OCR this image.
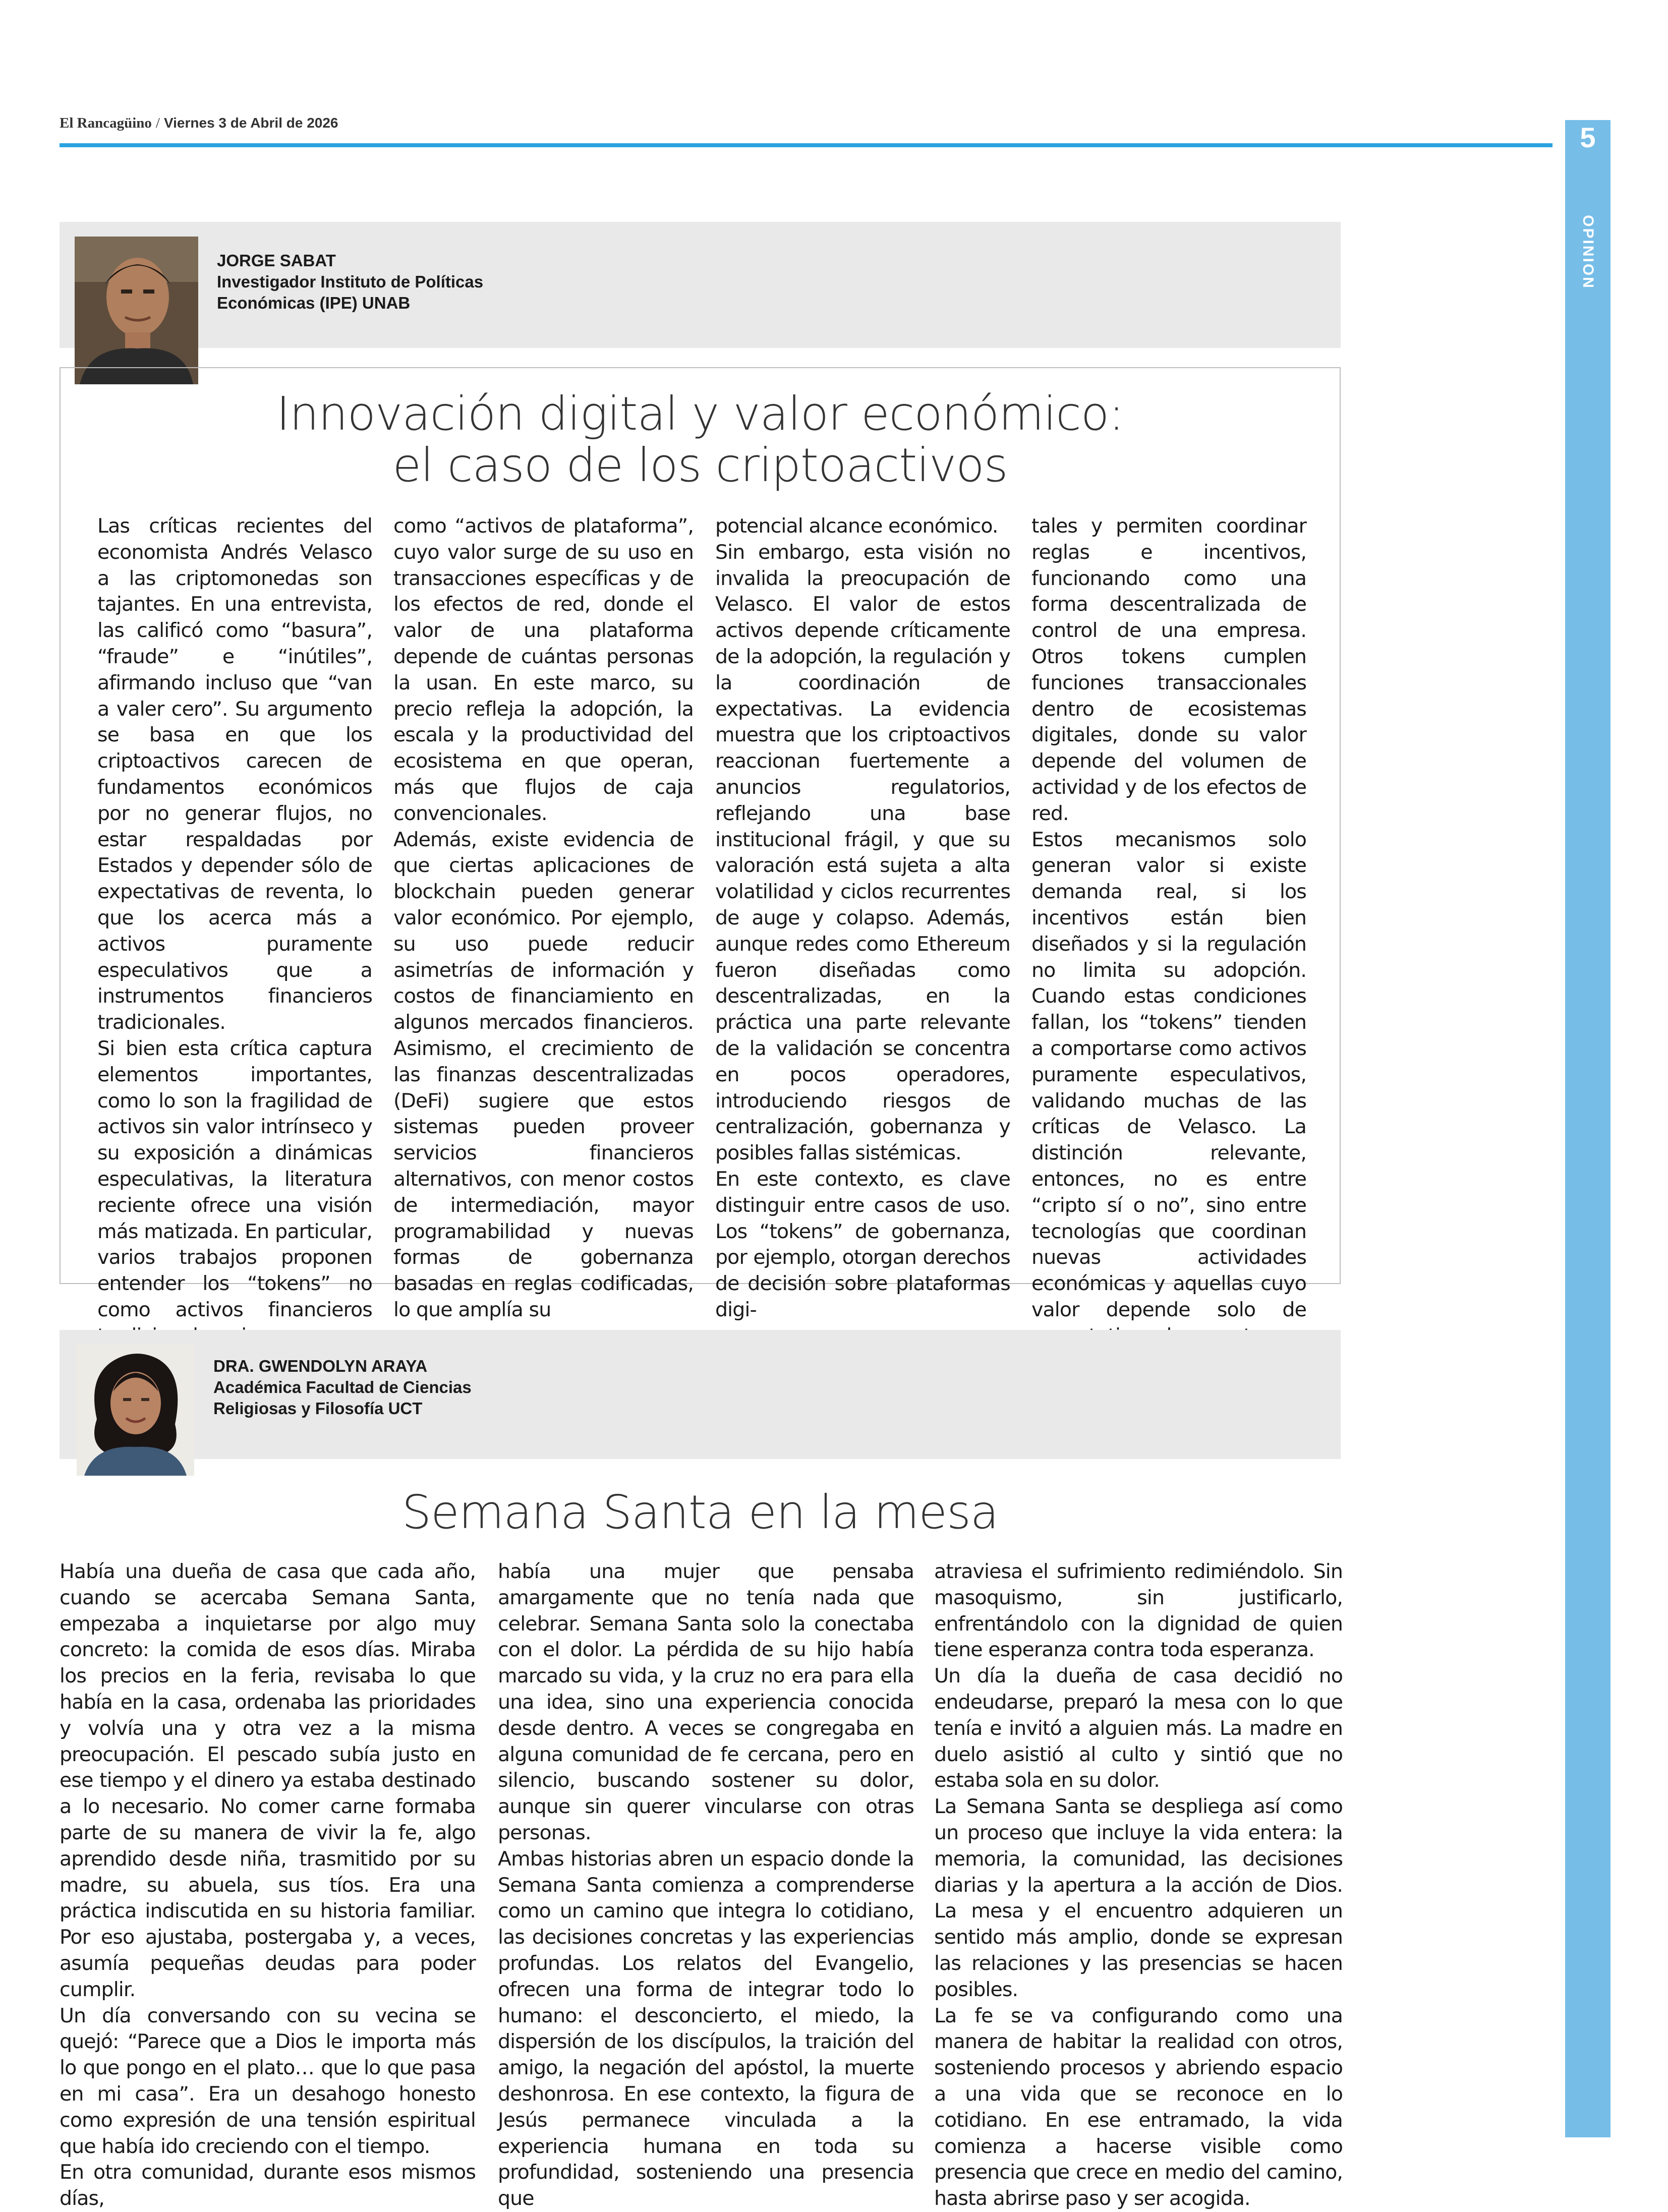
El Rancagüino / Viernes 3 de Abril de 2026	5
OPINION
JORGE SABAT
Investigador Instituto de Políticas
Económicas (IPE) UNAB
Innovación digital y valor económico:
el caso de los criptoactivos

Las críticas recientes del economista Andrés Velasco a las criptomonedas son tajantes. En una entrevista, las calificó como “basura”, “fraude” e “inútiles”, afirmando incluso que “van a valer cero”. Su argumento se basa en que los criptoactivos carecen de fundamentos económicos por no generar flujos, no estar respaldadas por Estados y depender sólo de expectativas de reventa, lo que los acerca más a activos puramente especulativos que a instrumentos financieros tradicionales.

Si bien esta crítica captura elementos importantes, como lo son la fragilidad de activos sin valor intrínseco y su exposición a dinámicas especulativas, la literatura reciente ofrece una visión más matizada. En particular, varios trabajos proponen entender los “tokens” no como activos financieros

como “activos de plataforma”, cuyo valor surge de su uso en transacciones específicas y de los efectos de red, donde el valor de una plataforma depende de cuántas personas la usan. En este marco, su precio refleja la adopción, la escala y la productividad del ecosistema en que operan, más que flujos de caja convencionales.

Además, existe evidencia de que ciertas aplicaciones de blockchain pueden generar valor económico. Por ejemplo, su uso puede reducir asimetrías de información y costos de financiamiento en algunos mercados financieros. Asimismo, el crecimiento de las finanzas descentralizadas (DeFi) sugiere que estos sistemas pueden proveer servicios financieros alternativos, con menor costos de intermediación, mayor programabilidad y nuevas formas de gobernanza basadas en reglas codificadas, lo que amplía su

potencial alcance económico.

Sin embargo, esta visión no invalida la preocupación de Velasco. El valor de estos activos depende críticamente de la adopción, la regulación y la coordinación de expectativas. La evidencia muestra que los criptoactivos reaccionan fuertemente a anuncios regulatorios, reflejando una base institucional frágil, y que su valoración está sujeta a alta volatilidad y ciclos recurrentes de auge y colapso. Además, aunque redes como Ethereum fueron diseñadas como descentralizadas, en la práctica una parte relevante de la validación se concentra en pocos operadores, introduciendo riesgos de centralización, gobernanza y posibles fallas sistémicas.

En este contexto, es clave distinguir entre casos de uso. Los “tokens” de gobernanza, por ejemplo, otorgan derechos de decisión sobre plataformas digi-

tales y permiten coordinar reglas e incentivos, funcionando como una forma descentralizada de control de una empresa. Otros tokens cumplen funciones transaccionales dentro de ecosistemas digitales, donde su valor depende del volumen de actividad y de los efectos de red.

Estos mecanismos solo generan valor si existe demanda real, si los incentivos están bien diseñados y si la regulación no limita su adopción. Cuando estas condiciones fallan, los “tokens” tienden a comportarse como activos puramente especulativos, validando muchas de las críticas de Velasco. La distinción relevante, entonces, no es entre “cripto sí o no”, sino entre tecnologías que coordinan nuevas actividades económicas y aquellas cuyo valor depende solo de

DRA. GWENDOLYN ARAYA
Académica Facultad de Ciencias
Religiosas y Filosofía UCT
Semana Santa en la mesa

Había una dueña de casa que cada año, cuando se acercaba Semana Santa, empezaba a inquietarse por algo muy concreto: la comida de esos días. Miraba los precios en la feria, revisaba lo que había en la casa, ordenaba las prioridades y volvía una y otra vez a la misma preocupación. El pescado subía justo en ese tiempo y el dinero ya estaba destinado a lo necesario. No comer carne formaba parte de su manera de vivir la fe, algo aprendido desde niña, trasmitido por su madre, su abuela, sus tíos. Era una práctica indiscutida en su historia familiar. Por eso ajustaba, postergaba y, a veces, asumía pequeñas deudas para poder cumplir.

Un día conversando con su vecina se quejó: “Parece que a Dios le importa más lo que pongo en el plato… que lo que pasa en mi casa”. Era un desahogo honesto como expresión de una tensión espiritual que había ido creciendo con el tiempo.

En otra comunidad, durante esos mismos días,

había una mujer que pensaba amargamente que no tenía nada que celebrar. Semana Santa solo la conectaba con el dolor. La pérdida de su hijo había marcado su vida, y la cruz no era para ella una idea, sino una experiencia conocida desde dentro. A veces se congregaba en alguna comunidad de fe cercana, pero en silencio, buscando sostener su dolor, aunque sin querer vincularse con otras personas.

Ambas historias abren un espacio donde la Semana Santa comienza a comprenderse como un camino que integra lo cotidiano, las decisiones concretas y las experiencias profundas. Los relatos del Evangelio, ofrecen una forma de integrar todo lo humano: el desconcierto, el miedo, la dispersión de los discípulos, la traición del amigo, la negación del apóstol, la muerte deshonrosa. En ese contexto, la figura de Jesús permanece vinculada a la experiencia humana en toda su profundidad, sosteniendo una presencia que

atraviesa el sufrimiento redimiéndolo. Sin masoquismo, sin justificarlo, enfrentándolo con la dignidad de quien tiene esperanza contra toda esperanza.

Un día la dueña de casa decidió no endeudarse, preparó la mesa con lo que tenía e invitó a alguien más. La madre en duelo asistió al culto y sintió que no estaba sola en su dolor.

La Semana Santa se despliega así como un proceso que incluye la vida entera: la memoria, la comunidad, las decisiones diarias y la apertura a la acción de Dios. La mesa y el encuentro adquieren un sentido más amplio, donde se expresan las relaciones y las presencias se hacen posibles.

La fe se va configurando como una manera de habitar la realidad con otros, sosteniendo procesos y abriendo espacio a una vida que se reconoce en lo cotidiano. En ese entramado, la vida comienza a hacerse visible como presencia que crece en medio del camino, hasta abrirse paso y ser acogida.
